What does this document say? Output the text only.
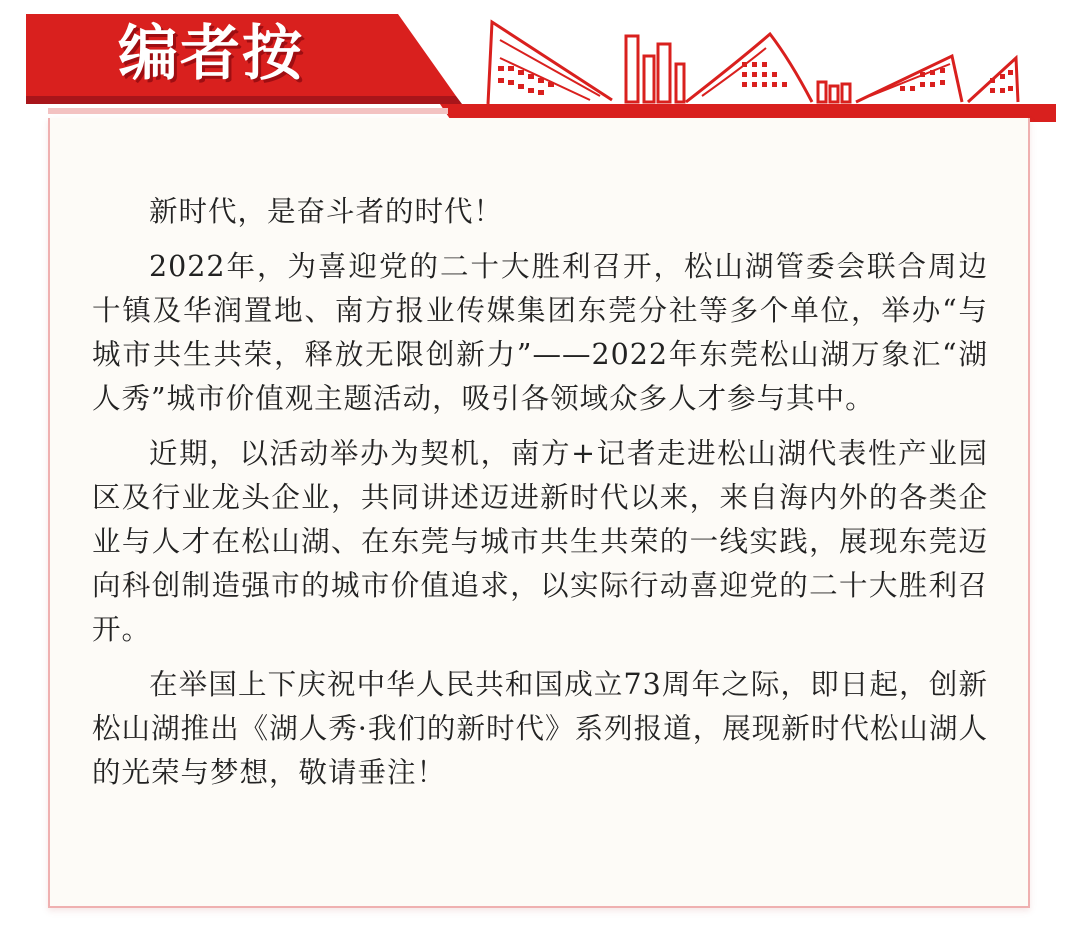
编者按

新时代，是奋斗者的时代！

2022年，为喜迎党的二十大胜利召开，松山湖管委会联合周边十镇及华润置地、南方报业传媒集团东莞分社等多个单位，举办“与城市共生共荣，释放无限创新力”——2022年东莞松山湖万象汇“湖人秀”城市价值观主题活动，吸引各领域众多人才参与其中。

近期，以活动举办为契机，南方+记者走进松山湖代表性产业园区及行业龙头企业，共同讲述迈进新时代以来，来自海内外的各类企业与人才在松山湖、在东莞与城市共生共荣的一线实践，展现东莞迈向科创制造强市的城市价值追求，以实际行动喜迎党的二十大胜利召开。

在举国上下庆祝中华人民共和国成立73周年之际，即日起，创新松山湖推出《湖人秀·我们的新时代》系列报道，展现新时代松山湖人的光荣与梦想，敬请垂注！
